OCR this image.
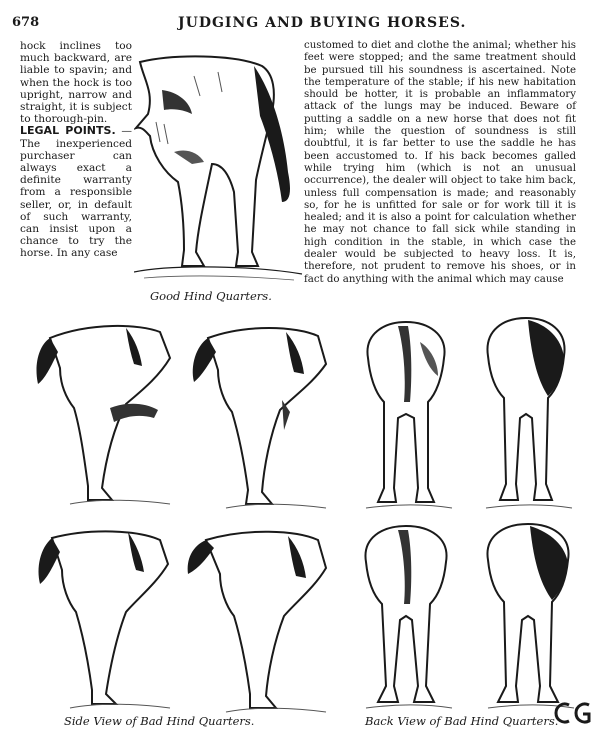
678	JUDGING AND BUYING HORSES.

hock inclines too much backward, are liable to spavin; and when the hock is too upright, narrow and straight, it is subject to thorough-pin.

LEGAL POINTS. — The inexperienced purchaser can always exact a definite warranty from a responsible seller, or, in default of such warranty, can insist upon a chance to try the horse. In any case

Good Hind Quarters.

customed to diet and clothe the animal; whether his feet were stopped; and the same treatment should be pursued till his soundness is ascertained. Note the temperature of the stable; if his new habitation should be hotter, it is probable an inflammatory attack of the lungs may be induced. Beware of putting a saddle on a new horse that does not fit him; while the question of soundness is still doubtful, it is far better to use the saddle he has been accustomed to. If his back becomes galled while trying him (which is not an unusual occurrence), the dealer will object to take him back, unless full compensation is made; and reasonably so, for he is unfitted for sale or for work till it is healed; and it is also a point for calculation whether he may not chance to fall sick while standing in high condition in the stable, in which case the dealer would be subjected to heavy loss. It is, therefore, not prudent to remove his shoes, or in fact do anything with the animal which may cause

Side View of Bad Hind Quarters.	Back View of Bad Hind Quarters.
